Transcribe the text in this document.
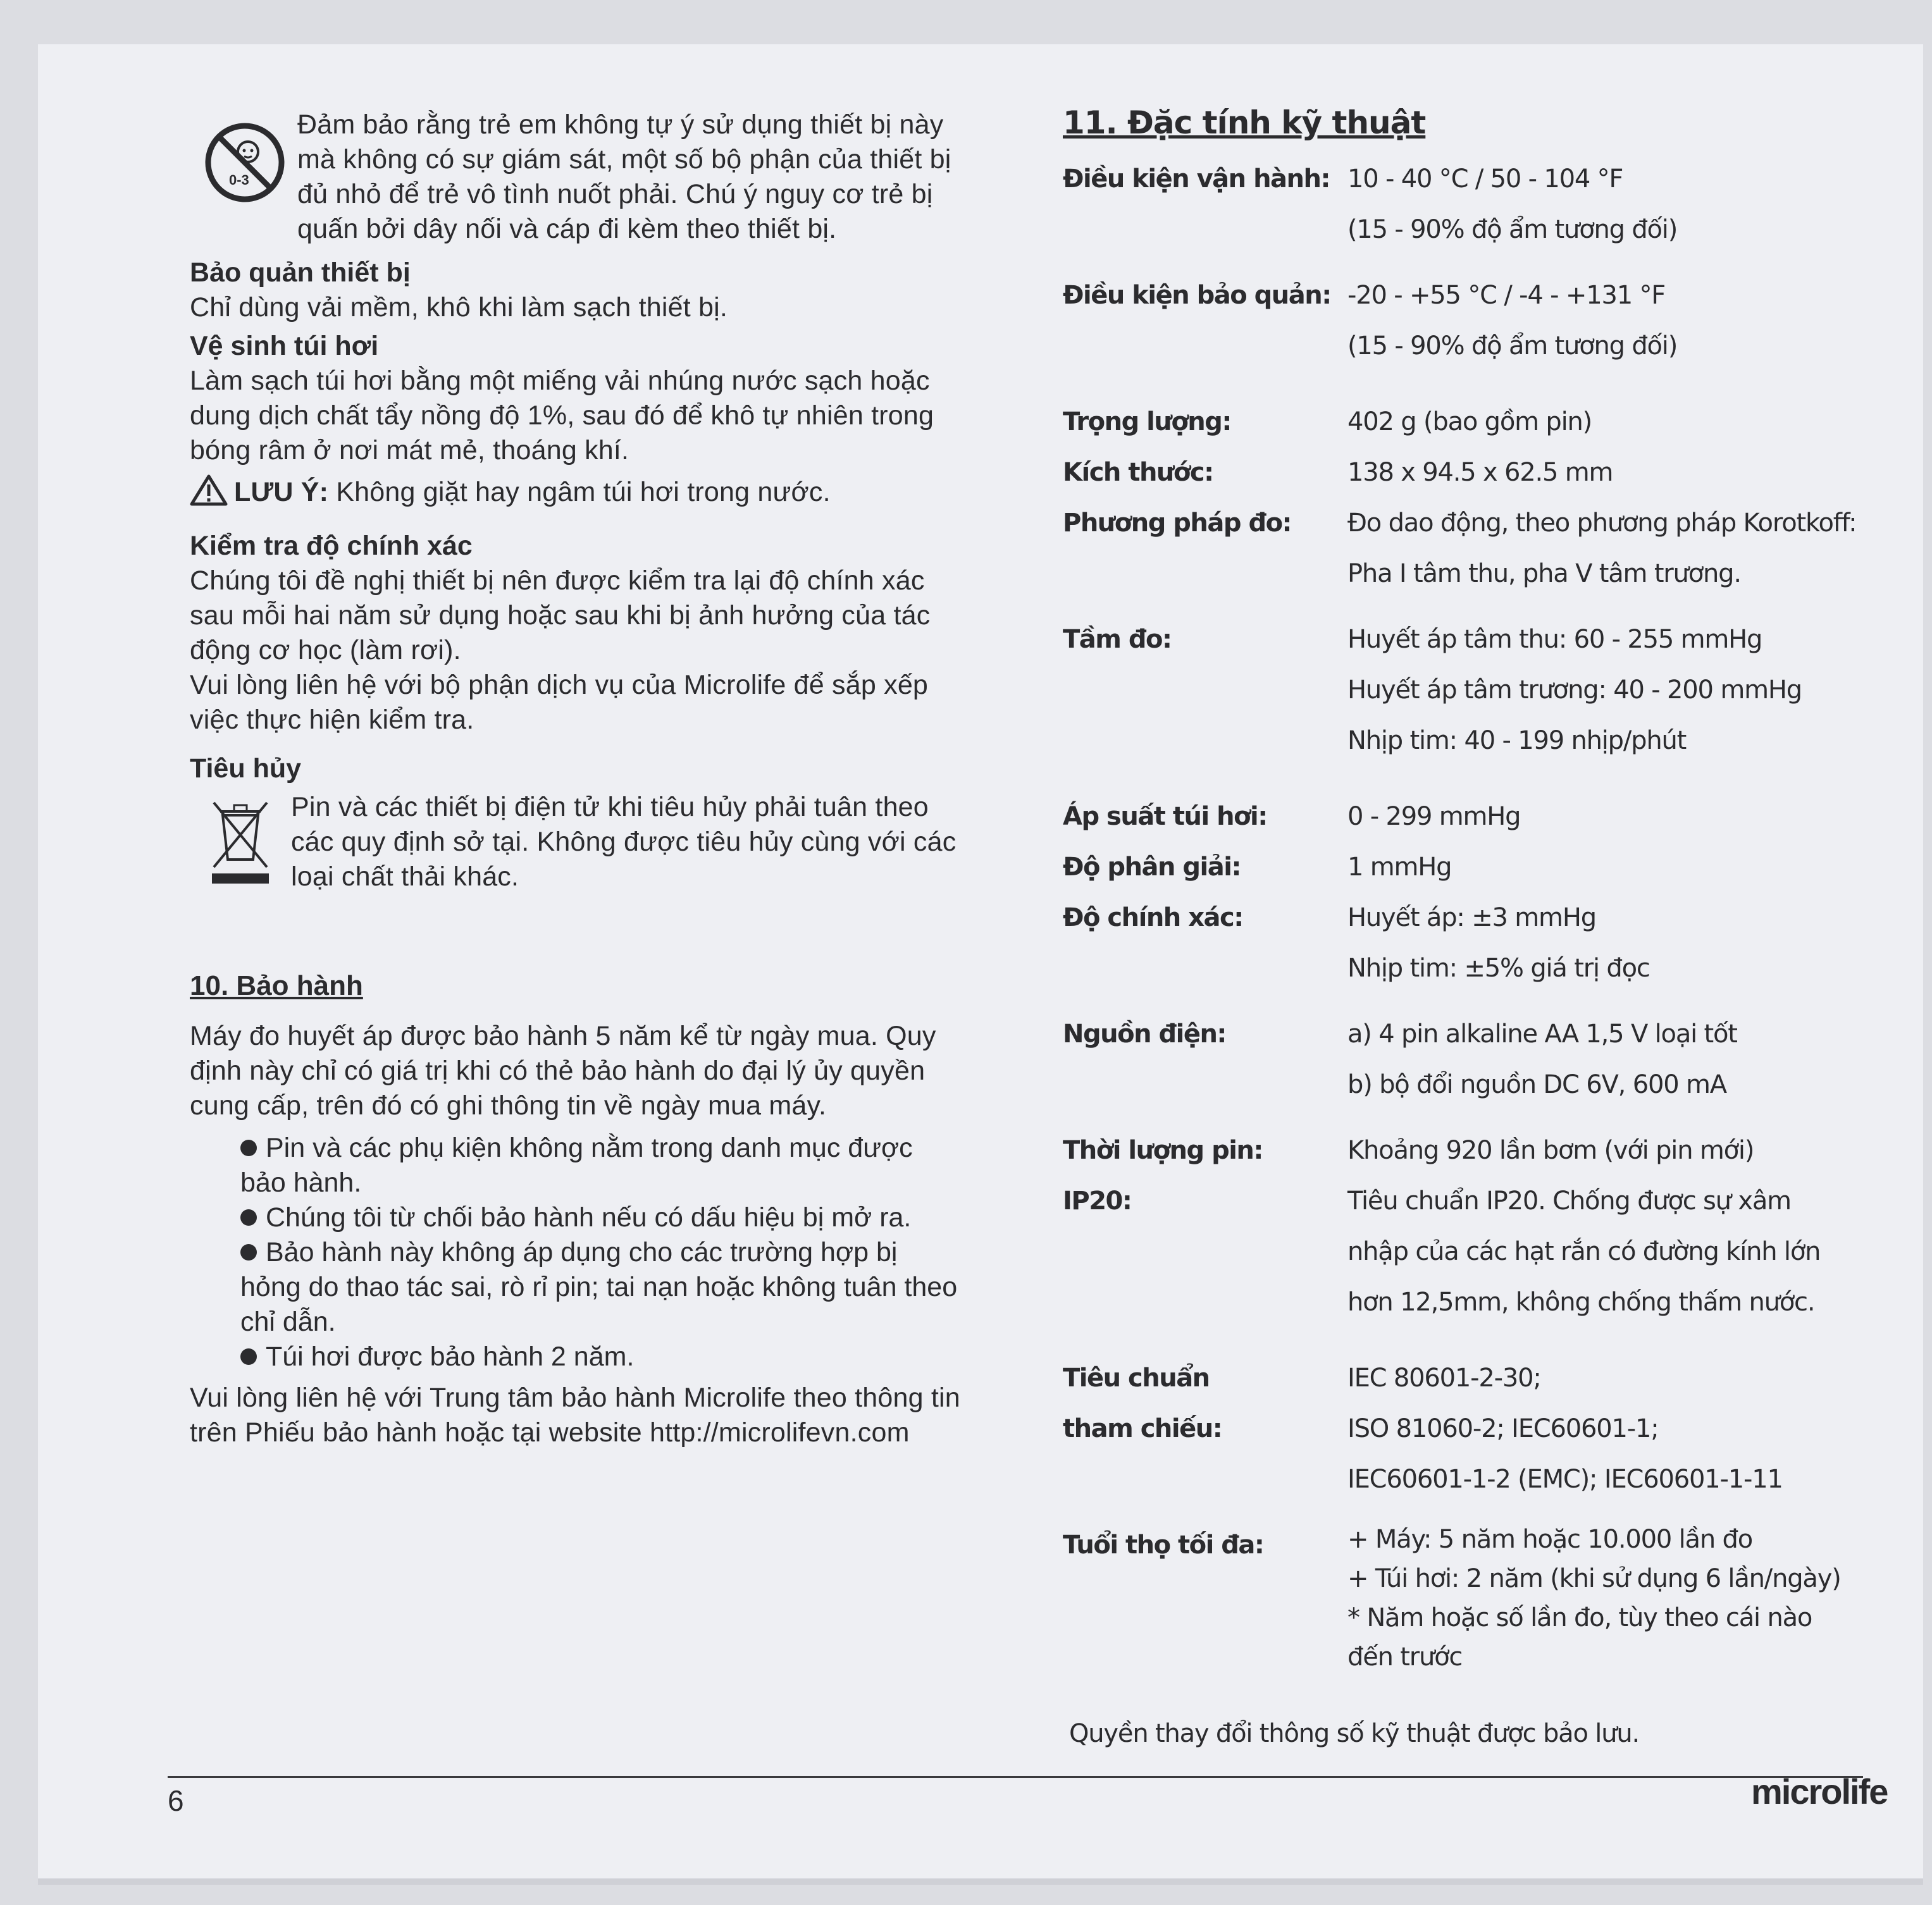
0-3

Đảm bảo rằng trẻ em không tự ý sử dụng thiết bị này

mà không có sự giám sát, một số bộ phận của thiết bị

đủ nhỏ để trẻ vô tình nuốt phải. Chú ý nguy cơ trẻ bị

quấn bởi dây nối và cáp đi kèm theo thiết bị.

Bảo quản thiết bị

Chỉ dùng vải mềm, khô khi làm sạch thiết bị.

Vệ sinh túi hơi

Làm sạch túi hơi bằng một miếng vải nhúng nước sạch hoặc

dung dịch chất tẩy nồng độ 1%, sau đó để khô tự nhiên trong

bóng râm ở nơi mát mẻ, thoáng khí.

LƯU Ý: Không giặt hay ngâm túi hơi trong nước.

Kiểm tra độ chính xác

Chúng tôi đề nghị thiết bị nên được kiểm tra lại độ chính xác

sau mỗi hai năm sử dụng hoặc sau khi bị ảnh hưởng của tác

động cơ học (làm rơi).

Vui lòng liên hệ với bộ phận dịch vụ của Microlife để sắp xếp

việc thực hiện kiểm tra.

Tiêu hủy

Pin và các thiết bị điện tử khi tiêu hủy phải tuân theo

các quy định sở tại. Không được tiêu hủy cùng với các

loại chất thải khác.

10. Bảo hành

Máy đo huyết áp được bảo hành 5 năm kể từ ngày mua. Quy

định này chỉ có giá trị khi có thẻ bảo hành do đại lý ủy quyền

cung cấp, trên đó có ghi thông tin về ngày mua máy.

Pin và các phụ kiện không nằm trong danh mục được

bảo hành.

Chúng tôi từ chối bảo hành nếu có dấu hiệu bị mở ra.

Bảo hành này không áp dụng cho các trường hợp bị

hỏng do thao tác sai, rò rỉ pin; tai nạn hoặc không tuân theo

chỉ dẫn.

Túi hơi được bảo hành 2 năm.

Vui lòng liên hệ với Trung tâm bảo hành Microlife theo thông tin

trên Phiếu bảo hành hoặc tại website http://microlifevn.com

11. Đặc tính kỹ thuật

Điều kiện vận hành: 10 - 40 °C / 50 - 104 °F

(15 - 90% độ ẩm tương đối)

Điều kiện bảo quản: -20 - +55 °C / -4 - +131 °F

(15 - 90% độ ẩm tương đối)

Trọng lượng:	402 g (bao gồm pin)

Kích thước:	138 x 94.5 x 62.5 mm

Phương pháp đo:	Đo dao động, theo phương pháp Korotkoff:

Pha I tâm thu, pha V tâm trương.

Tầm đo:	Huyết áp tâm thu: 60 - 255 mmHg

Huyết áp tâm trương: 40 - 200 mmHg

Nhịp tim: 40 - 199 nhịp/phút

Áp suất túi hơi:	0 - 299 mmHg

Độ phân giải:	1 mmHg

Độ chính xác:	Huyết áp: ±3 mmHg

Nhịp tim: ±5% giá trị đọc

Nguồn điện:	a) 4 pin alkaline AA 1,5 V loại tốt

b) bộ đổi nguồn DC 6V, 600 mA

Thời lượng pin:	Khoảng 920 lần bơm (với pin mới)

IP20:	Tiêu chuẩn IP20. Chống được sự xâm

nhập của các hạt rắn có đường kính lớn

hơn 12,5mm, không chống thấm nước.

Tiêu chuẩn
tham chiếu:

IEC 80601-2-30;

ISO 81060-2; IEC60601-1;

IEC60601-1-2 (EMC); IEC60601-1-11

Tuổi thọ tối đa:	+ Máy: 5 năm hoặc 10.000 lần đo

+ Túi hơi: 2 năm (khi sử dụng 6 lần/ngày)

* Năm hoặc số lần đo, tùy theo cái nào

đến trước

Quyền thay đổi thông số kỹ thuật được bảo lưu.

6	microlife
